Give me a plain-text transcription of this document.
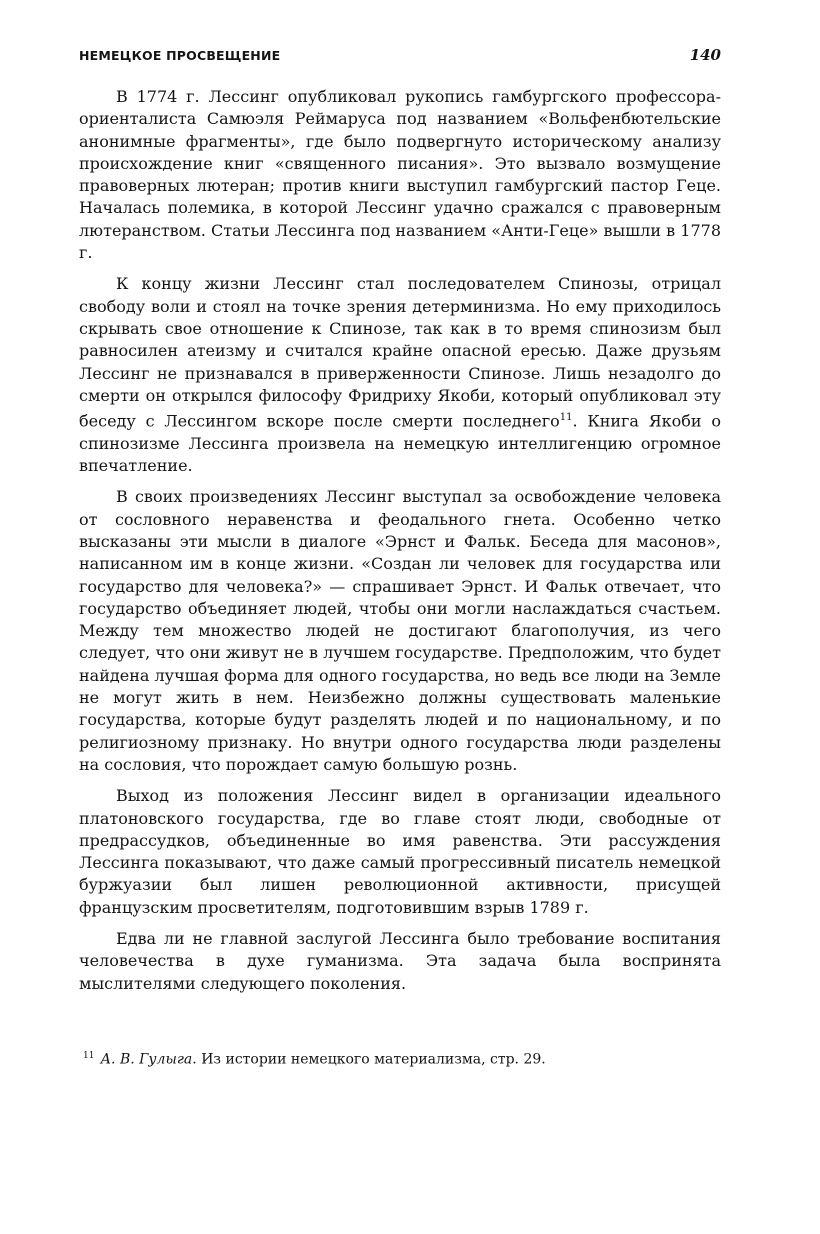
НЕМЕЦКОЕ ПРОСВЕЩЕНИЕ	140

В 1774 г. Лессинг опубликовал рукопись гамбургского профессора-ориенталиста Самюэля Реймаруса под названием «Вольфенбютельские анонимные фрагменты», где было подвергнуто историческому анализу происхождение книг «священного писания». Это вызвало возмущение правоверных лютеран; против книги выступил гамбургский пастор Геце. Началась полемика, в которой Лессинг удачно сражался с правоверным лютеранством. Статьи Лессинга под названием «Анти-Геце» вышли в 1778 г.

К концу жизни Лессинг стал последователем Спинозы, отрицал свободу воли и стоял на точке зрения детерминизма. Но ему приходилось скрывать свое отношение к Спинозе, так как в то время спинозизм был равносилен атеизму и считался крайне опасной ересью. Даже друзьям Лессинг не признавался в приверженности Спинозе. Лишь незадолго до смерти он открылся философу Фридриху Якоби, который опубликовал эту беседу с Лессингом вскоре после смерти последнего$^{11}$. Книга Якоби о спинозизме Лессинга произвела на немецкую интеллигенцию огромное впечатление.

В своих произведениях Лессинг выступал за освобождение человека от сословного неравенства и феодального гнета. Особенно четко высказаны эти мысли в диалоге «Эрнст и Фальк. Беседа для масонов», написанном им в конце жизни. «Создан ли человек для государства или государство для человека?» — спрашивает Эрнст. И Фальк отвечает, что государство объединяет людей, чтобы они могли наслаждаться счастьем. Между тем множество людей не достигают благополучия, из чего следует, что они живут не в лучшем государстве. Предположим, что будет найдена лучшая форма для одного государства, но ведь все люди на Земле не могут жить в нем. Неизбежно должны существовать маленькие государства, которые будут разделять людей и по национальному, и по религиозному признаку. Но внутри одного государства люди разделены на сословия, что порождает самую большую рознь.

Выход из положения Лессинг видел в организации идеального платоновского государства, где во главе стоят люди, свободные от предрассудков, объединенные во имя равенства. Эти рассуждения Лессинга показывают, что даже самый прогрессивный писатель немецкой буржуазии был лишен революционной активности, присущей французским просветителям, подготовившим взрыв 1789 г.

Едва ли не главной заслугой Лессинга было требование воспитания человечества в духе гуманизма. Эта задача была воспринята мыслителями следующего поколения.

$^{11}$ А. В. Гулыга. Из истории немецкого материализма, стр. 29.
